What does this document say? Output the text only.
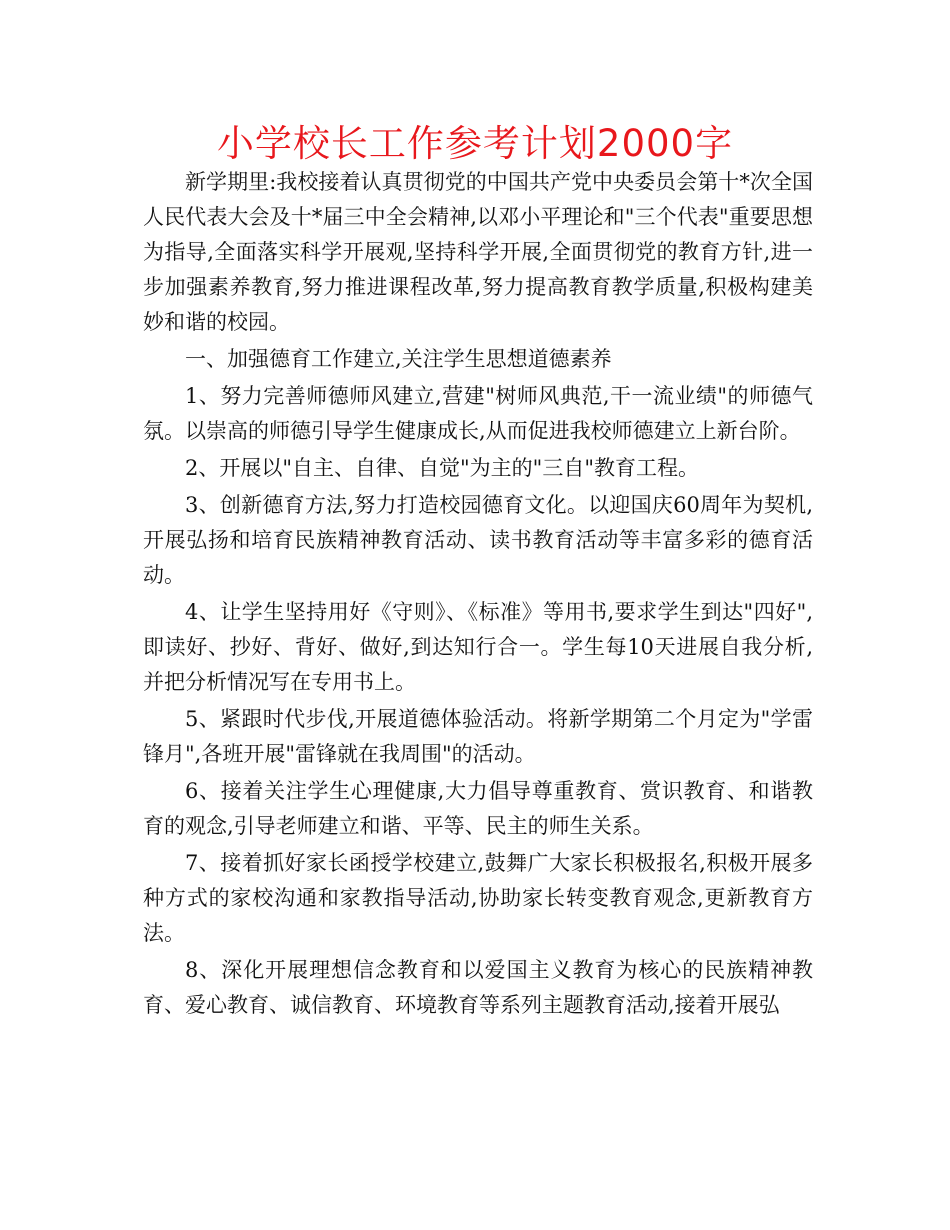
小学校长工作参考计划2000字

新学期里:我校接着认真贯彻党的中国共产党中央委员会第十*次全国人民代表大会及十*届三中全会精神,以邓小平理论和"三个代表"重要思想为指导,全面落实科学开展观,坚持科学开展,全面贯彻党的教育方针,进一步加强素养教育,努力推进课程改革,努力提高教育教学质量,积极构建美妙和谐的校园。

一、加强德育工作建立,关注学生思想道德素养

1、努力完善师德师风建立,营建"树师风典范,干一流业绩"的师德气氛。以崇高的师德引导学生健康成长,从而促进我校师德建立上新台阶。

2、开展以"自主、自律、自觉"为主的"三自"教育工程。

3、创新德育方法,努力打造校园德育文化。以迎国庆60周年为契机,开展弘扬和培育民族精神教育活动、读书教育活动等丰富多彩的德育活动。

4、让学生坚持用好《守则》、《标准》等用书,要求学生到达"四好",即读好、抄好、背好、做好,到达知行合一。学生每10天进展自我分析,并把分析情况写在专用书上。

5、紧跟时代步伐,开展道德体验活动。将新学期第二个月定为"学雷锋月",各班开展"雷锋就在我周围"的活动。

6、接着关注学生心理健康,大力倡导尊重教育、赏识教育、和谐教育的观念,引导老师建立和谐、平等、民主的师生关系。

7、接着抓好家长函授学校建立,鼓舞广大家长积极报名,积极开展多种方式的家校沟通和家教指导活动,协助家长转变教育观念,更新教育方法。

8、深化开展理想信念教育和以爱国主义教育为核心的民族精神教育、爱心教育、诚信教育、环境教育等系列主题教育活动,接着开展弘
